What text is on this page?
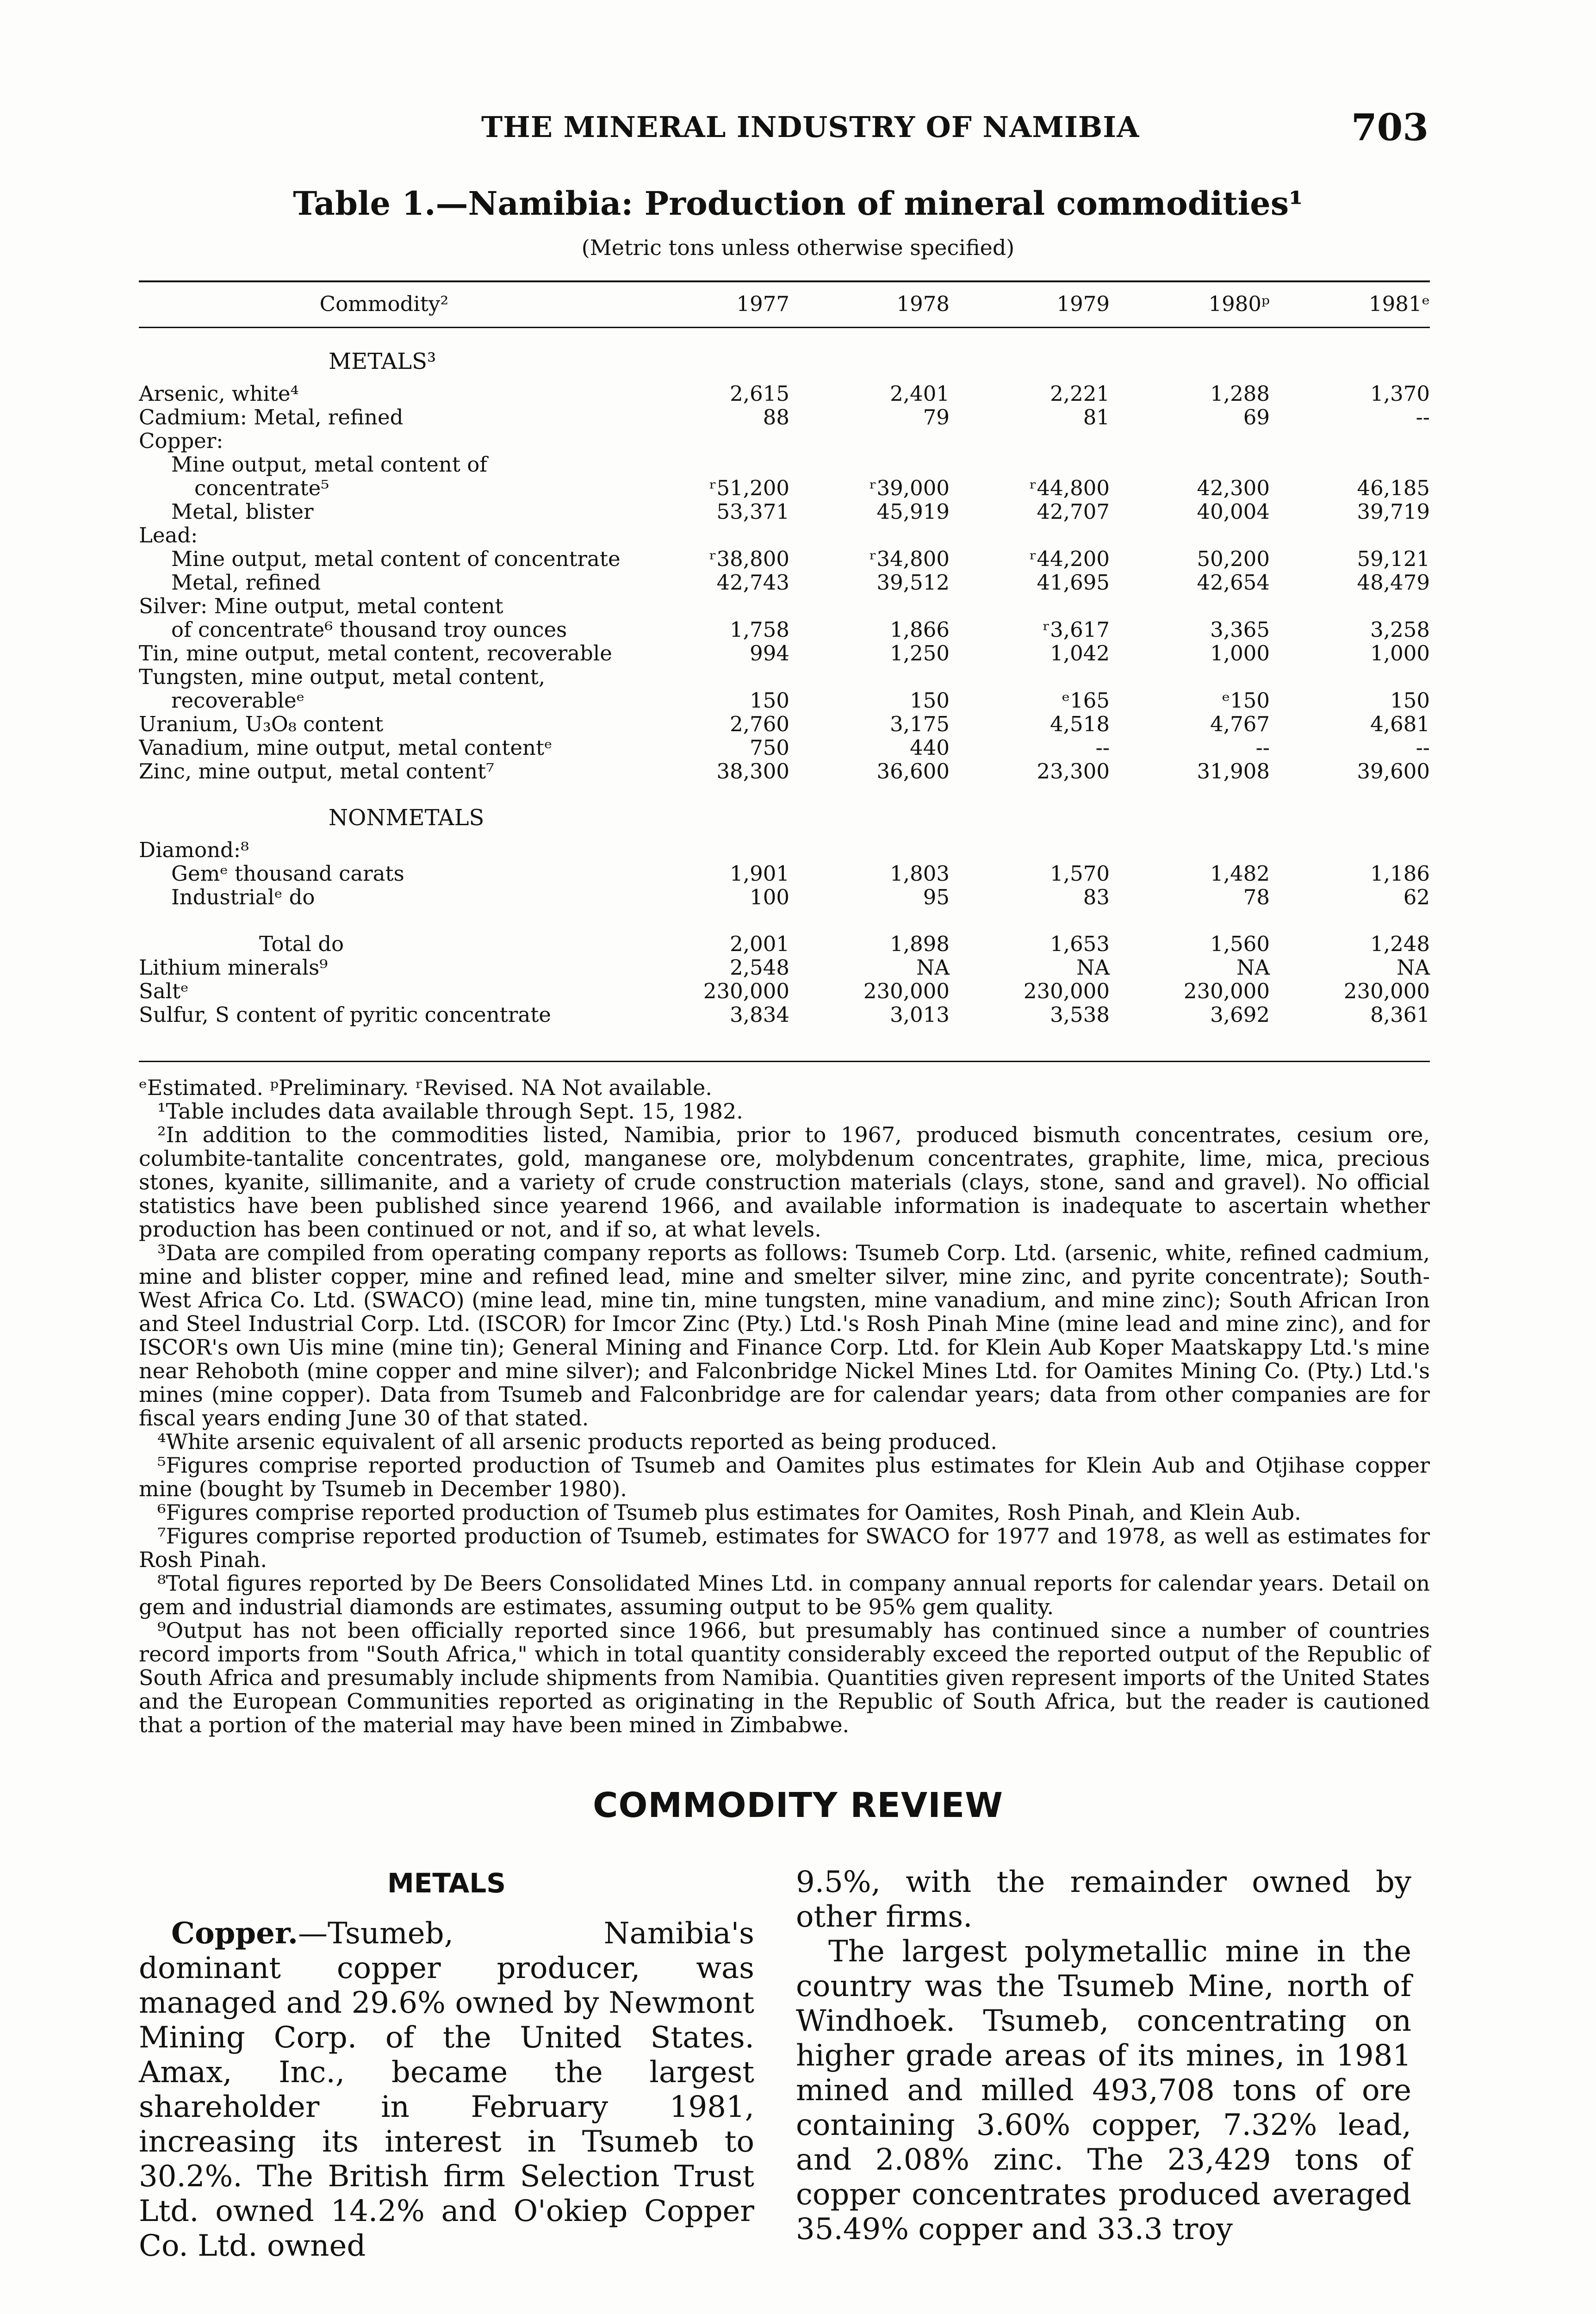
THE MINERAL INDUSTRY OF NAMIBIA	703
Table 1.—Namibia: Production of mineral commodities¹
(Metric tons unless otherwise specified)
Commodity²	1977	1978	1979	1980ᵖ	1981ᵉ
METALS³					
Arsenic, white⁴	2,615	2,401	2,221	1,288	1,370
Cadmium: Metal, refined	88	79	81	69	--
Copper:					
Mine output, metal content of					
concentrate⁵	ʳ51,200	ʳ39,000	ʳ44,800	42,300	46,185
Metal, blister	53,371	45,919	42,707	40,004	39,719
Lead:					
Mine output, metal content of concentrate	ʳ38,800	ʳ34,800	ʳ44,200	50,200	59,121
Metal, refined	42,743	39,512	41,695	42,654	48,479
Silver: Mine output, metal content					
of concentrate⁶ thousand troy ounces	1,758	1,866	ʳ3,617	3,365	3,258
Tin, mine output, metal content, recoverable	994	1,250	1,042	1,000	1,000
Tungsten, mine output, metal content,					
recoverableᵉ	150	150	ᵉ165	ᵉ150	150
Uranium, U₃O₈ content	2,760	3,175	4,518	4,767	4,681
Vanadium, mine output, metal contentᵉ	750	440	--	--	--
Zinc, mine output, metal content⁷	38,300	36,600	23,300	31,908	39,600
NONMETALS					
Diamond:⁸					
Gemᵉ thousand carats	1,901	1,803	1,570	1,482	1,186
Industrialᵉ do	100	95	83	78	62

Total do	2,001	1,898	1,653	1,560	1,248
Lithium minerals⁹	2,548	NA	NA	NA	NA
Saltᵉ	230,000	230,000	230,000	230,000	230,000
Sulfur, S content of pyritic concentrate	3,834	3,013	3,538	3,692	8,361

ᵉEstimated. ᵖPreliminary. ʳRevised. NA Not available.

¹Table includes data available through Sept. 15, 1982.

²In addition to the commodities listed, Namibia, prior to 1967, produced bismuth concentrates, cesium ore, columbite-tantalite concentrates, gold, manganese ore, molybdenum concentrates, graphite, lime, mica, precious stones, kyanite, sillimanite, and a variety of crude construction materials (clays, stone, sand and gravel). No official statistics have been published since yearend 1966, and available information is inadequate to ascertain whether production has been continued or not, and if so, at what levels.

³Data are compiled from operating company reports as follows: Tsumeb Corp. Ltd. (arsenic, white, refined cadmium, mine and blister copper, mine and refined lead, mine and smelter silver, mine zinc, and pyrite concentrate); South-West Africa Co. Ltd. (SWACO) (mine lead, mine tin, mine tungsten, mine vanadium, and mine zinc); South African Iron and Steel Industrial Corp. Ltd. (ISCOR) for Imcor Zinc (Pty.) Ltd.'s Rosh Pinah Mine (mine lead and mine zinc), and for ISCOR's own Uis mine (mine tin); General Mining and Finance Corp. Ltd. for Klein Aub Koper Maatskappy Ltd.'s mine near Rehoboth (mine copper and mine silver); and Falconbridge Nickel Mines Ltd. for Oamites Mining Co. (Pty.) Ltd.'s mines (mine copper). Data from Tsumeb and Falconbridge are for calendar years; data from other companies are for fiscal years ending June 30 of that stated.

⁴White arsenic equivalent of all arsenic products reported as being produced.

⁵Figures comprise reported production of Tsumeb and Oamites plus estimates for Klein Aub and Otjihase copper mine (bought by Tsumeb in December 1980).

⁶Figures comprise reported production of Tsumeb plus estimates for Oamites, Rosh Pinah, and Klein Aub.

⁷Figures comprise reported production of Tsumeb, estimates for SWACO for 1977 and 1978, as well as estimates for Rosh Pinah.

⁸Total figures reported by De Beers Consolidated Mines Ltd. in company annual reports for calendar years. Detail on gem and industrial diamonds are estimates, assuming output to be 95% gem quality.

⁹Output has not been officially reported since 1966, but presumably has continued since a number of countries record imports from "South Africa," which in total quantity considerably exceed the reported output of the Republic of South Africa and presumably include shipments from Namibia. Quantities given represent imports of the United States and the European Communities reported as originating in the Republic of South Africa, but the reader is cautioned that a portion of the material may have been mined in Zimbabwe.

COMMODITY REVIEW
METALS

Copper.—Tsumeb, Namibia's dominant copper producer, was managed and 29.6% owned by Newmont Mining Corp. of the United States. Amax, Inc., became the largest shareholder in February 1981, increasing its interest in Tsumeb to 30.2%. The British firm Selection Trust Ltd. owned 14.2% and O'okiep Copper Co. Ltd. owned

9.5%, with the remainder owned by other firms.

The largest polymetallic mine in the country was the Tsumeb Mine, north of Windhoek. Tsumeb, concentrating on higher grade areas of its mines, in 1981 mined and milled 493,708 tons of ore containing 3.60% copper, 7.32% lead, and 2.08% zinc. The 23,429 tons of copper concentrates produced averaged 35.49% copper and 33.3 troy
